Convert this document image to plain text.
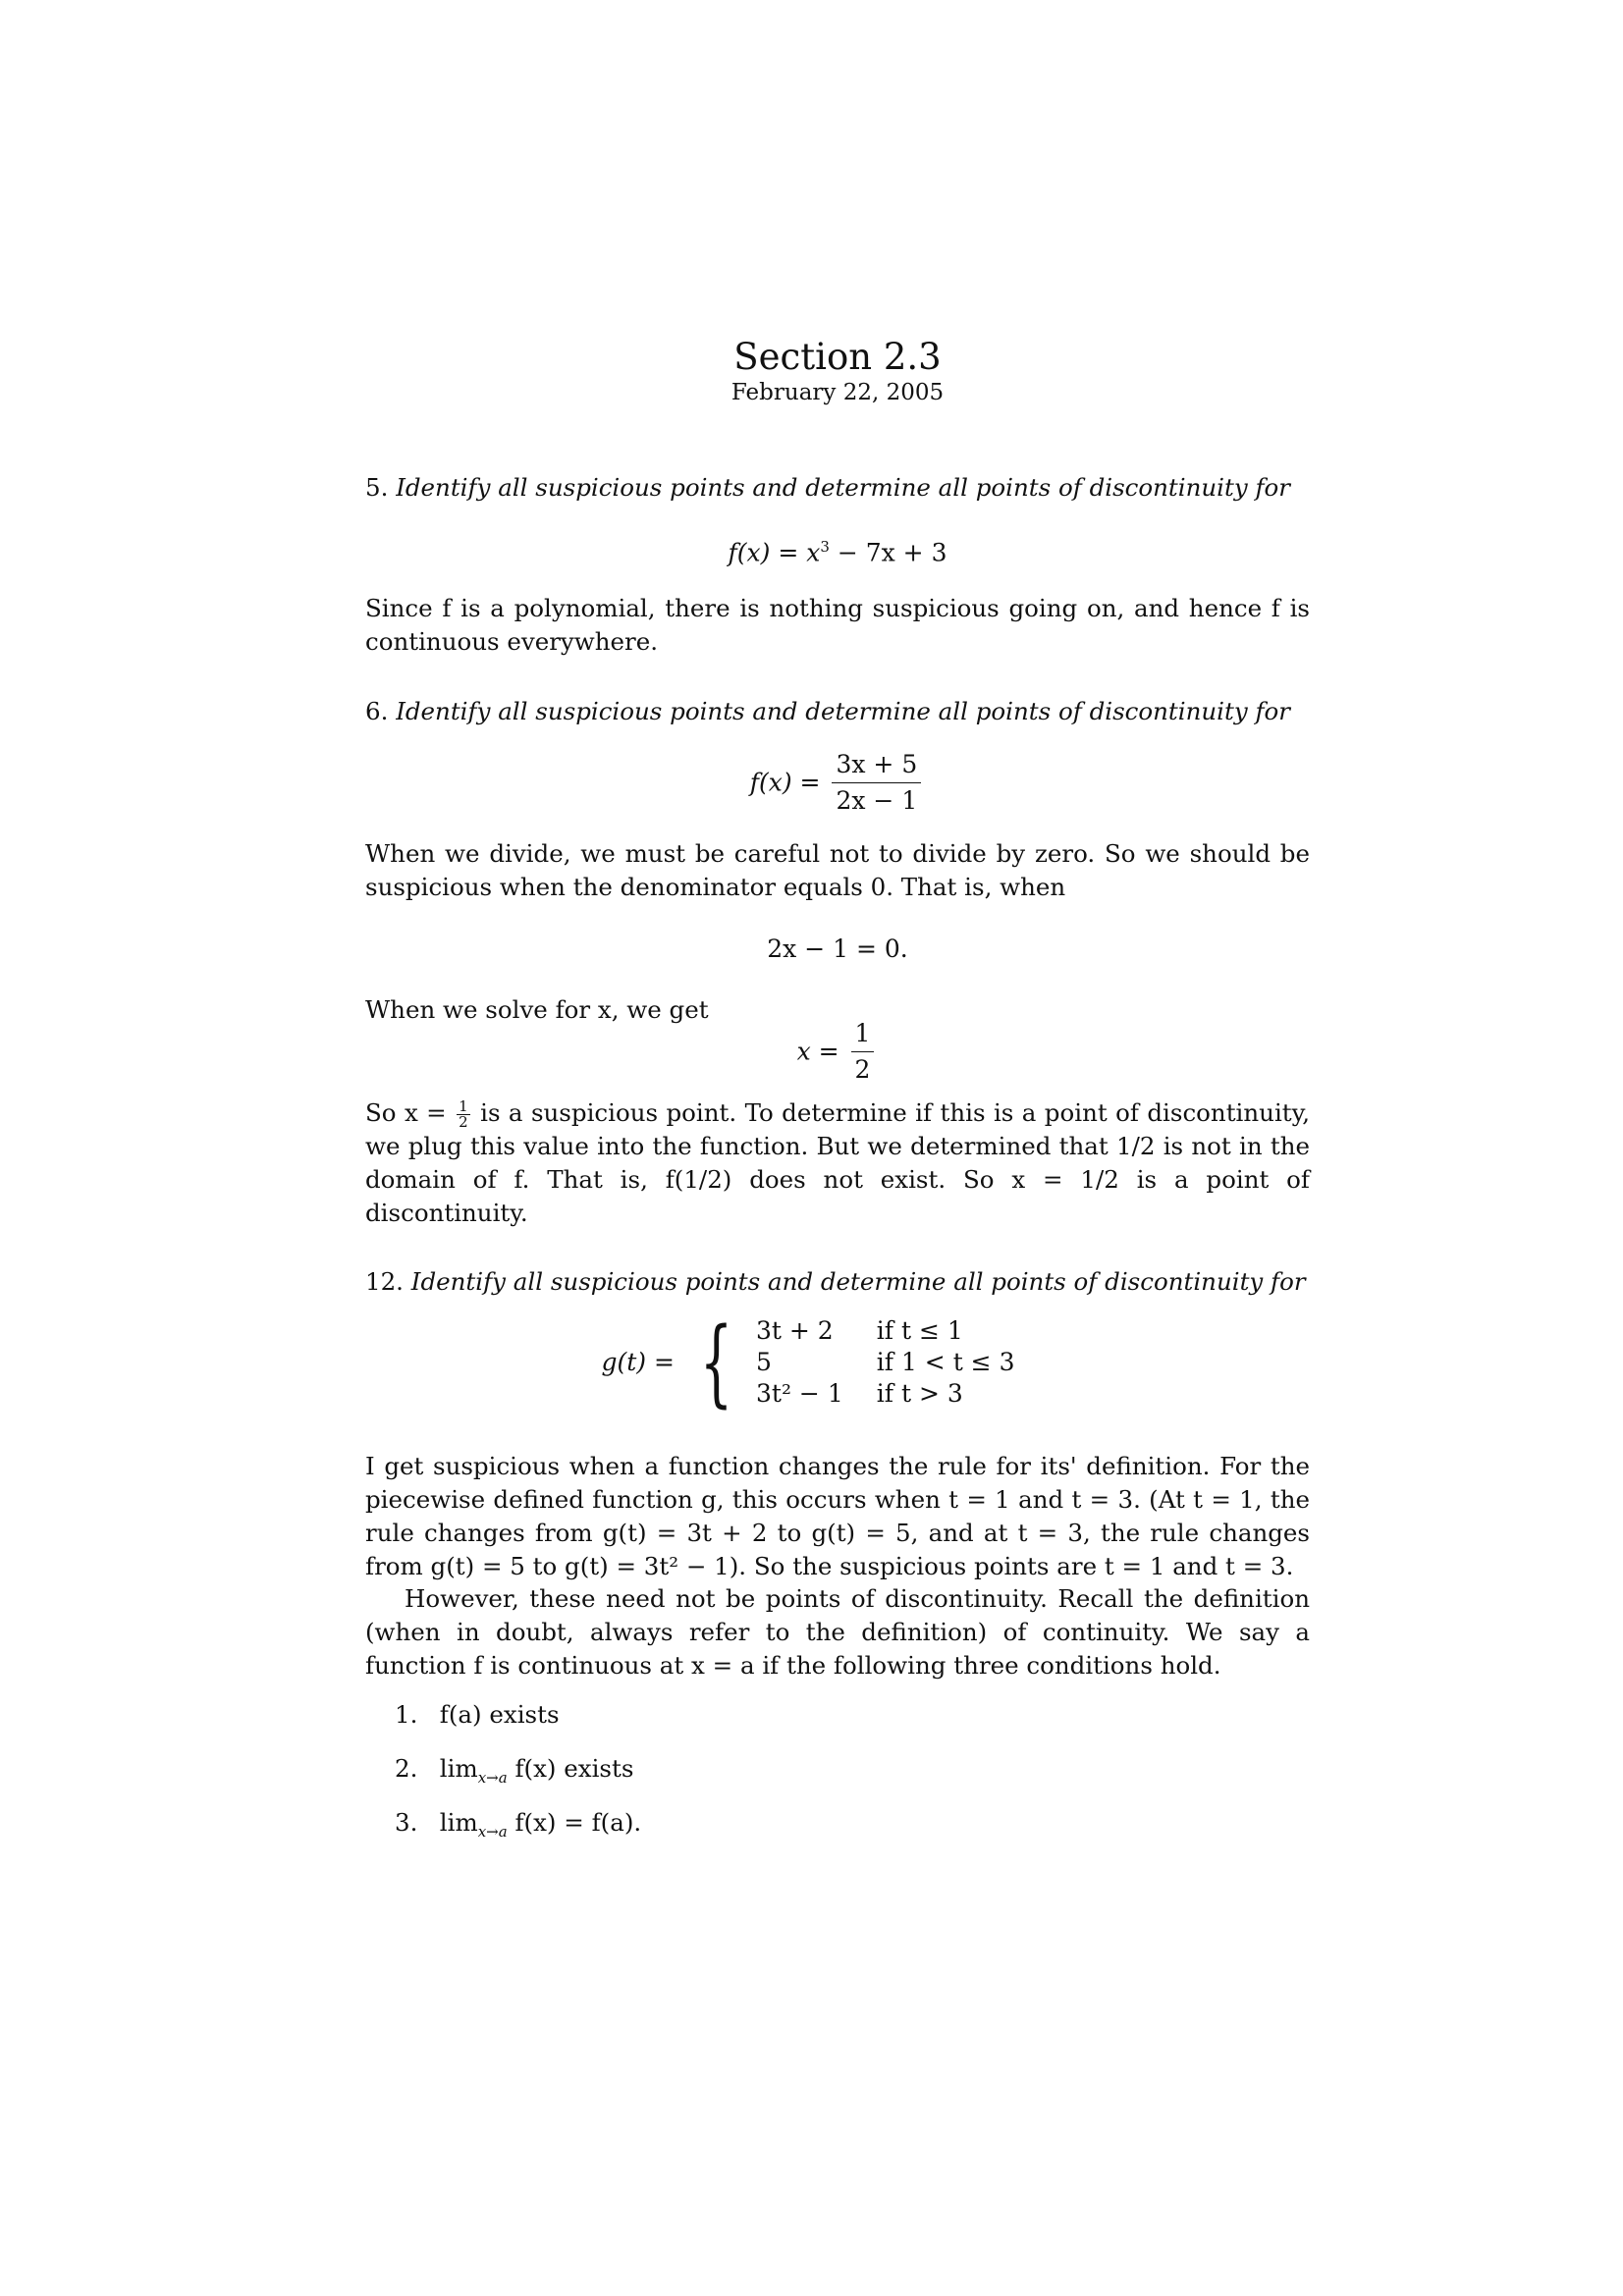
Section 2.3
February 22, 2005
5. Identify all suspicious points and determine all points of discontinuity for
$f(x) = x^3 - 7x + 3$
Since f is a polynomial, there is nothing suspicious going on, and hence f is continuous everywhere.
6. Identify all suspicious points and determine all points of discontinuity for
$f(x) = \frac{3x + 5}{2x - 1}$
When we divide, we must be careful not to divide by zero. So we should be suspicious when the denominator equals 0. That is, when
2x − 1 = 0.
When we solve for x, we get
$x = \frac{1}{2}$
So $x = \frac{1}{2}$ is a suspicious point. To determine if this is a point of discontinuity, we plug this value into the function. But we determined that 1/2 is not in the domain of f. That is, f(1/2) does not exist. So x = 1/2 is a point of discontinuity.
12. Identify all suspicious points and determine all points of discontinuity for
g(t) = { 3t + 2	if t ≤ 1
5	if 1 < t ≤ 3
3t² − 1 if t > 3
I get suspicious when a function changes the rule for its' definition. For the piecewise defined function g, this occurs when t = 1 and t = 3. (At t = 1, the rule changes from g(t) = 3t + 2 to g(t) = 5, and at t = 3, the rule changes from g(t) = 5 to g(t) = 3t² − 1). So the suspicious points are t = 1 and t = 3.
However, these need not be points of discontinuity. Recall the definition (when in doubt, always refer to the definition) of continuity. We say a function f is continuous at x = a if the following three conditions hold.
1. f(a) exists
2. $\lim_{x\to a} f(x)$ exists
3. $\lim_{x\to a} f(x) = f(a)$.
